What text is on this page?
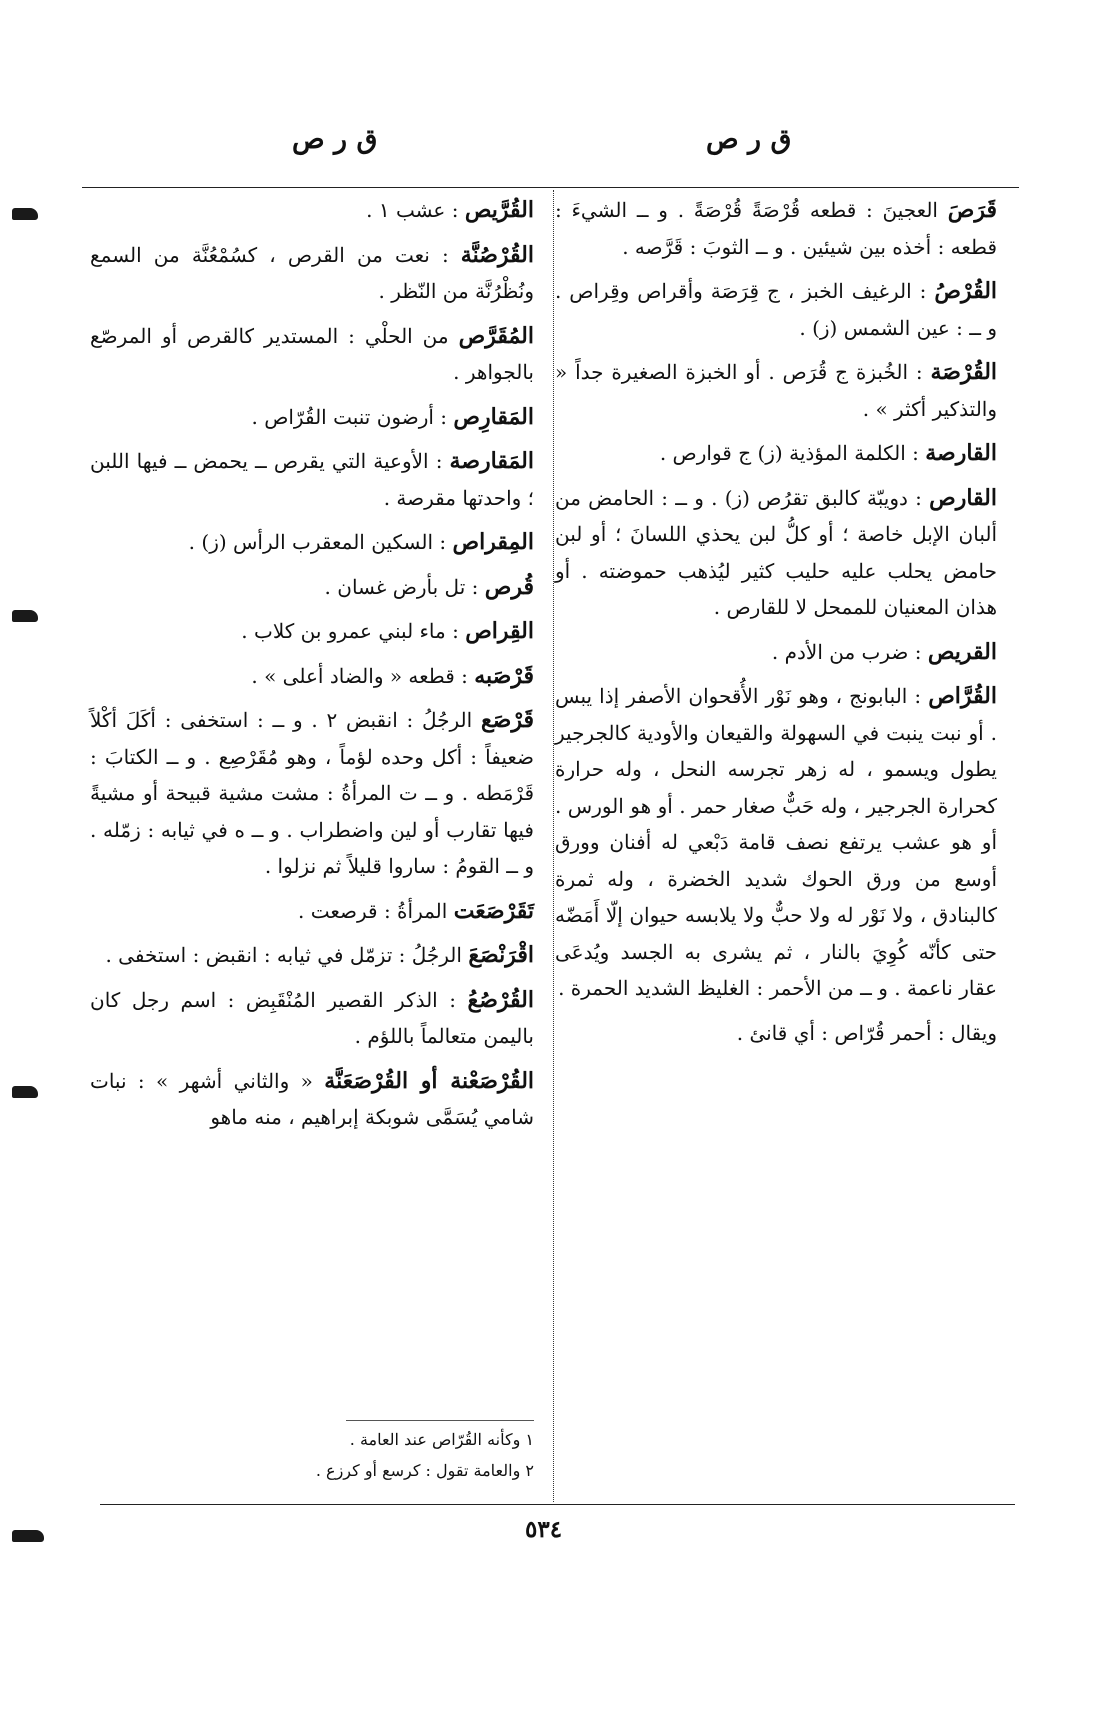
ق ر ص
ق ر ص

قَرَصَ العجينَ : قطعه قُرْصَةً قُرْصَةً . و ــ الشيءَ : قطعه : أخذه بين شيئين . و ــ الثوبَ : قَرَّصه .

القُرْصُ : الرغيف الخبز ، ج قِرَصَة وأقراص وقِراص . و ــ : عين الشمس (ز) .

القُرْصَة : الخُبزة ج قُرَص . أو الخبزة الصغيرة جداً « والتذكير أكثر » .

القارصة : الكلمة المؤذية (ز) ج قوارص .

القارص : دويبّة كالبق تقرُص (ز) . و ــ : الحامض من ألبان الإبل خاصة ؛ أو كلُّ لبن يحذي اللسانَ ؛ أو لبن حامض يحلب عليه حليب كثير ليُذهب حموضته . أو هذان المعنيان للممحل لا للقارص .

القريص : ضرب من الأدم .

القُرَّاص : البابونج ، وهو نَوْر الأُقحوان الأصفر إذا يبس . أو نبت ينبت في السهولة والقيعان والأودية كالجرجير يطول ويسمو ، له زهر تجرسه النحل ، وله حرارة كحرارة الجرجير ، وله حَبٌّ صغار حمر . أو هو الورس . أو هو عشب يرتفع نصف قامة دَبْعي له أفنان وورق أوسع من ورق الحوك شديد الخضرة ، وله ثمرة كالبنادق ، ولا نَوْر له ولا حبٌّ ولا يلابسه حيوان إلّا أَمَضّه حتى كأنّه كُوِيَ بالنار ، ثم يشرى به الجسد ويُدعَى عقار ناعمة . و ــ من الأحمر : الغليظ الشديد الحمرة .

ويقال : أحمر قُرّاص : أي قانئ .

القُرَّيص : عشب ١ .

القُرْصُنَّة : نعت من القرص ، كسُمْعُنَّة من السمع ونُظْرُنَّة من النّظر .

المُقَرَّص من الحلْي : المستدير كالقرص أو المرصّع بالجواهر .

المَقارِص : أرضون تنبت القُرّاص .

المَقارصة : الأوعية التي يقرص ــ يحمض ــ فيها اللبن ؛ واحدتها مقرصة .

المِقراص : السكين المعقرب الرأس (ز) .

قُرص : تل بأرض غسان .

القِراص : ماء لبني عمرو بن كلاب .

قَرْصَبه : قطعه « والضاد أعلى » .

قَرْصَع الرجُلُ : انقبض ٢ . و ــ : استخفى : أكَلَ أكْلاً ضعيفاً : أكل وحده لؤماً ، وهو مُقَرْصِع . و ــ الكتابَ : قَرْمَطه . و ــ ت المرأةُ : مشت مشية قبيحة أو مشيةً فيها تقارب أو لين واضطراب . و ــ ه في ثيابه : زمّله . و ــ القومُ : ساروا قليلاً ثم نزلوا .

تَقَرْصَعَت المرأةُ : قرصعت .

اقْرَنْصَعَ الرجُلُ : تزمّل في ثيابه : انقبض : استخفى .

القُرْصُعُ : الذكر القصير المُنْقَبِض : اسم رجل كان باليمن متعالماً باللؤم .

القُرْصَعْنة أو القُرْصَعَنَّة « والثاني أشهر » : نبات شامي يُسَمَّى شوبكة إبراهيم ، منه ماهو

١ وكأنه القُرّاص عند العامة .
٢ والعامة تقول : كرسع أو كرزع .
٥٣٤
